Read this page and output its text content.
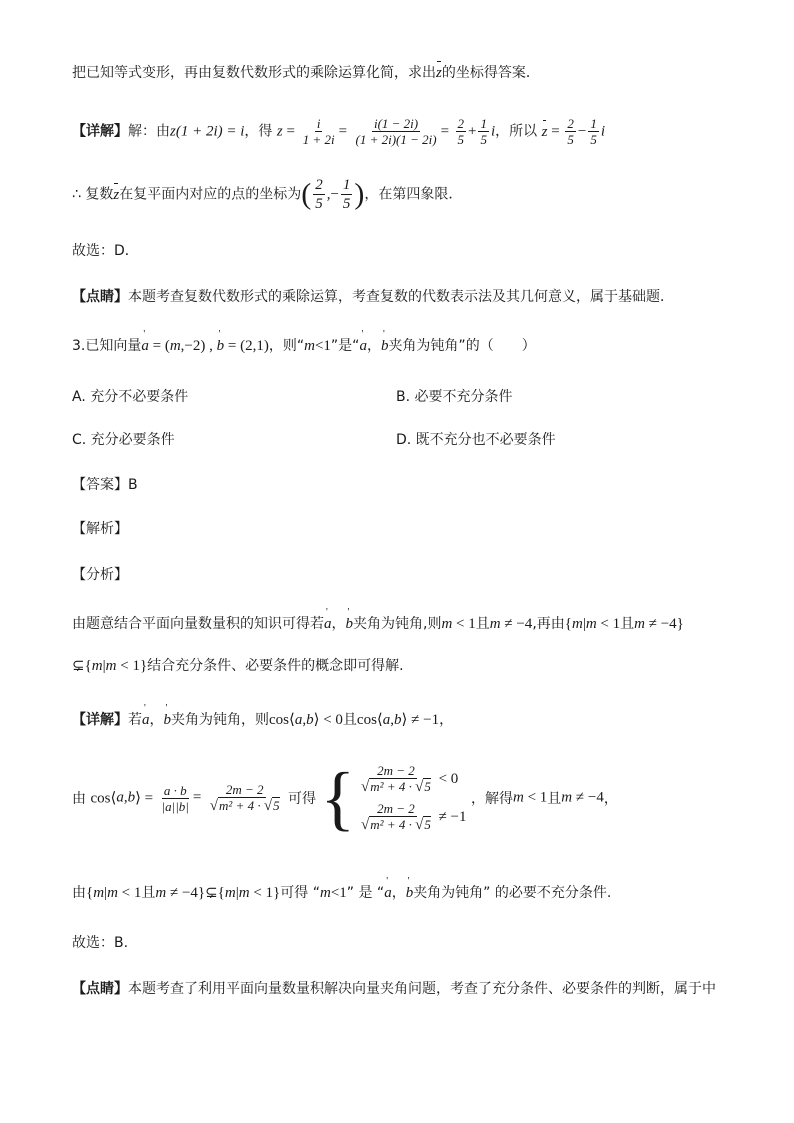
把已知等式变形，再由复数代数形式的乘除运算化简，求出z的坐标得答案．
【详解】解：由z(1 + 2i) = i，得 $z = \frac{i}{1 + 2i} = \frac{i(1 - 2i)}{(1 + 2i)(1 - 2i)} = \frac{2}{5} + \frac{1}{5}$ i，所以 $z = \frac{2}{5} - \frac{1}{5}$ i
∴ 复数z在复平面内对应的点的坐标为( $\frac{2}{5}$ ,− $\frac{1}{5}$ )，在第四象限．
故选：D．
【点睛】本题考查复数代数形式的乘除运算，考查复数的代数表示法及其几何意义，属于基础题．
3.已知向量' a = (m,−2) , ' b = (2,1)，则“m<1”是“' a，' b夹角为钝角”的（　　）
A. 充分不必要条件	B. 必要不充分条件
C. 充分必要条件	D. 既不充分也不必要条件
【答案】B
【解析】
【分析】
由题意结合平面向量数量积的知识可得若' a，' b夹角为钝角,则m < 1且m ≠ −4,再由{m|m < 1且m ≠ −4}
⊊{m|m < 1}结合充分条件、必要条件的概念即可得解.
【详解】若' a，' b夹角为钝角，则cos⟨a,b⟩ < 0且cos⟨a,b⟩ ≠ −1，
由 cos⟨a,b⟩ = $\frac{a \cdot b}{|a||b|} = \frac{2m - 2}{\text{√m² + 4 · √5}}$ 可得 { $\frac{2m - 2}{\text{√m² + 4 · √5}} < 0$
$\frac{2m - 2}{\text{√m² + 4 · √5}} \ne -1$
，解得m < 1且m ≠ −4，
由{m|m < 1且m ≠ −4}⊊{m|m < 1}可得 “m<1” 是 “' a，' b夹角为钝角” 的必要不充分条件.
故选：B.
【点睛】本题考查了利用平面向量数量积解决向量夹角问题，考查了充分条件、必要条件的判断，属于中
